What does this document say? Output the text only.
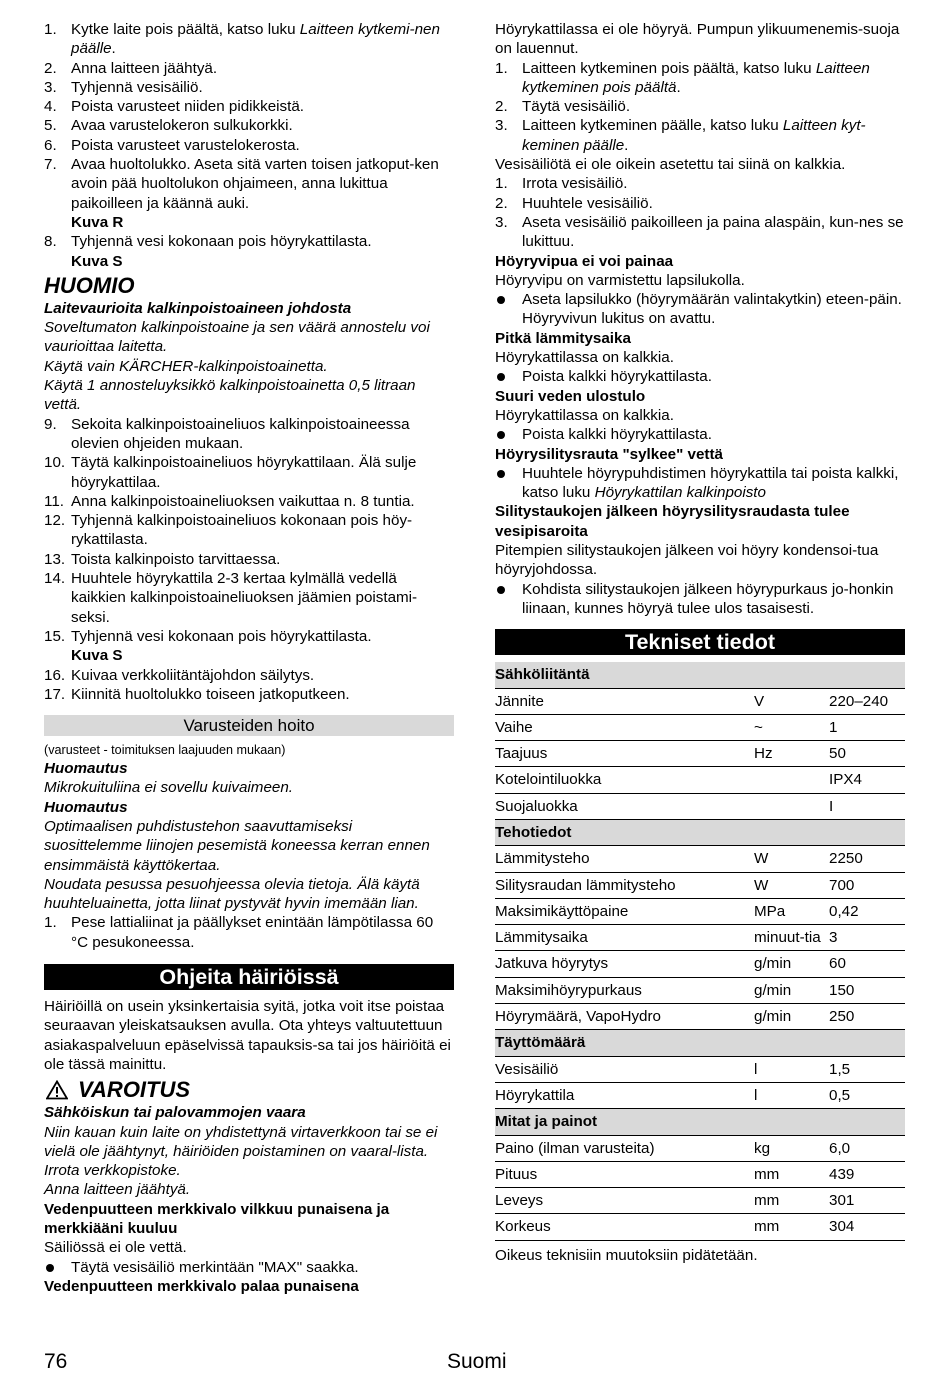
1. Kytke laite pois päältä, katso luku Laitteen kytkemi-nen päälle.
2. Anna laitteen jäähtyä.
3. Tyhjennä vesisäiliö.
4. Poista varusteet niiden pidikkeistä.
5. Avaa varustelokeron sulkukorkki.
6. Poista varusteet varustelokerosta.
7. Avaa huoltolukko. Aseta sitä varten toisen jatkoput-ken avoin pää huoltolukon ohjaimeen, anna lukittua paikoilleen ja käännä auki.

Kuva R

8. Tyhjennä vesi kokonaan pois höyrykattilasta.

Kuva S

HUOMIO

Laitevaurioita kalkinpoistoaineen johdosta

Soveltumaton kalkinpoistoaine ja sen väärä annostelu voi vaurioittaa laitetta.

Käytä vain KÄRCHER-kalkinpoistoainetta.

Käytä 1 annosteluyksikkö kalkinpoistoainetta 0,5 litraan vettä.

9. Sekoita kalkinpoistoaineliuos kalkinpoistoaineessa olevien ohjeiden mukaan.
10. Täytä kalkinpoistoaineliuos höyrykattilaan. Älä sulje höyrykattilaa.
11. Anna kalkinpoistoaineliuoksen vaikuttaa n. 8 tuntia.
12. Tyhjennä kalkinpoistoaineliuos kokonaan pois höy-rykattilasta.
13. Toista kalkinpoisto tarvittaessa.
14. Huuhtele höyrykattila 2-3 kertaa kylmällä vedellä kaikkien kalkinpoistoaineliuoksen jäämien poistami-seksi.
15. Tyhjennä vesi kokonaan pois höyrykattilasta.

Kuva S

16. Kuivaa verkkoliitäntäjohdon säilytys.
17. Kiinnitä huoltolukko toiseen jatkoputkeen.
Varusteiden hoito

(varusteet - toimituksen laajuuden mukaan)

Huomautus

Mikrokuituliina ei sovellu kuivaimeen.

Huomautus

Optimaalisen puhdistustehon saavuttamiseksi suosittelemme liinojen pesemistä koneessa kerran ennen ensimmäistä käyttökertaa.

Noudata pesussa pesuohjeessa olevia tietoja. Älä käytä huuhteluainetta, jotta liinat pystyvät hyvin imemään lian.

1. Pese lattialiinat ja päällykset enintään lämpötilassa 60 °C pesukoneessa.
Ohjeita häiriöissä

Häiriöillä on usein yksinkertaisia syitä, jotka voit itse poistaa seuraavan yleiskatsauksen avulla. Ota yhteys valtuutettuun asiakaspalveluun epäselvissä tapauksis-sa tai jos häiriöitä ei ole tässä mainittu.

VAROITUS

Sähköiskun tai palovammojen vaara

Niin kauan kuin laite on yhdistettynä virtaverkkoon tai se ei vielä ole jäähtynyt, häiriöiden poistaminen on vaaral-lista.

Irrota verkkopistoke.

Anna laitteen jäähtyä.

Vedenpuutteen merkkivalo vilkkuu punaisena ja merkkiääni kuuluu

Säiliössä ei ole vettä.

Täytä vesisäiliö merkintään "MAX" saakka.

Vedenpuutteen merkkivalo palaa punaisena

Höyrykattilassa ei ole höyryä. Pumpun ylikuumenemis-suoja on lauennut.

1. Laitteen kytkeminen pois päältä, katso luku Laitteen kytkeminen pois päältä.
2. Täytä vesisäiliö.
3. Laitteen kytkeminen päälle, katso luku Laitteen kyt-keminen päälle.

Vesisäiliötä ei ole oikein asetettu tai siinä on kalkkia.

1. Irrota vesisäiliö.
2. Huuhtele vesisäiliö.
3. Aseta vesisäiliö paikoilleen ja paina alaspäin, kun-nes se lukittuu.

Höyryvipua ei voi painaa

Höyryvipu on varmistettu lapsilukolla.

Aseta lapsilukko (höyrymäärän valintakytkin) eteen-päin.

Höyryvivun lukitus on avattu.

Pitkä lämmitysaika

Höyrykattilassa on kalkkia.

Poista kalkki höyrykattilasta.

Suuri veden ulostulo

Höyrykattilassa on kalkkia.

Poista kalkki höyrykattilasta.

Höyrysilitysrauta "sylkee" vettä

Huuhtele höyrypuhdistimen höyrykattila tai poista kalkki, katso luku Höyrykattilan kalkinpoisto

Silitystaukojen jälkeen höyrysilitysraudasta tulee vesipisaroita

Pitempien silitystaukojen jälkeen voi höyry kondensoi-tua höyryjohdossa.

Kohdista silitystaukojen jälkeen höyrypurkaus jo-honkin liinaan, kunnes höyryä tulee ulos tasaisesti.
Tekniset tiedot
Sähköliitäntä		
Jännite	V	220–240
Vaihe	~	1
Taajuus	Hz	50
Kotelointiluokka		IPX4
Suojaluokka		I
Tehotiedot		
Lämmitysteho	W	2250
Silitysraudan lämmitysteho	W	700
Maksimikäyttöpaine	MPa	0,42
Lämmitysaika	minuut-tia	3
Jatkuva höyrytys	g/min	60
Maksimihöyrypurkaus	g/min	150
Höyrymäärä, VapoHydro	g/min	250
Täyttömäärä		
Vesisäiliö	l	1,5
Höyrykattila	l	0,5
Mitat ja painot		
Paino (ilman varusteita)	kg	6,0
Pituus	mm	439
Leveys	mm	301
Korkeus	mm	304

Oikeus teknisiin muutoksiin pidätetään.

76	Suomi
